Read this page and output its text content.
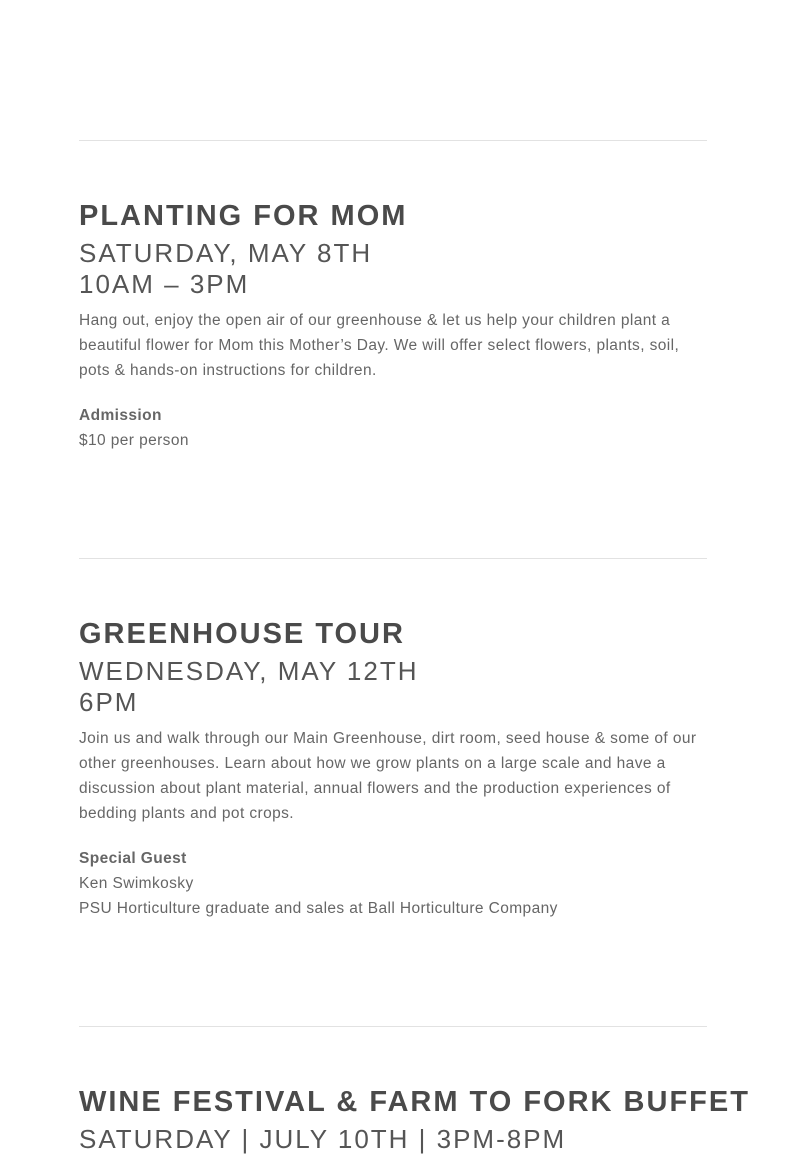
PLANTING FOR MOM
SATURDAY, MAY 8TH
10AM – 3PM

Hang out, enjoy the open air of our greenhouse & let us help your children plant a beautiful flower for Mom this Mother’s Day. We will offer select flowers, plants, soil, pots & hands-on instructions for children.

Admission

$10 per person

GREENHOUSE TOUR
WEDNESDAY, MAY 12TH
6PM

Join us and walk through our Main Greenhouse, dirt room, seed house & some of our other greenhouses. Learn about how we grow plants on a large scale and have a discussion about plant material, annual flowers and the production experiences of bedding plants and pot crops.

Special Guest

Ken Swimkosky

PSU Horticulture graduate and sales at Ball Horticulture Company

WINE FESTIVAL & FARM TO FORK BUFFET
SATURDAY | JULY 10TH | 3PM-8PM
